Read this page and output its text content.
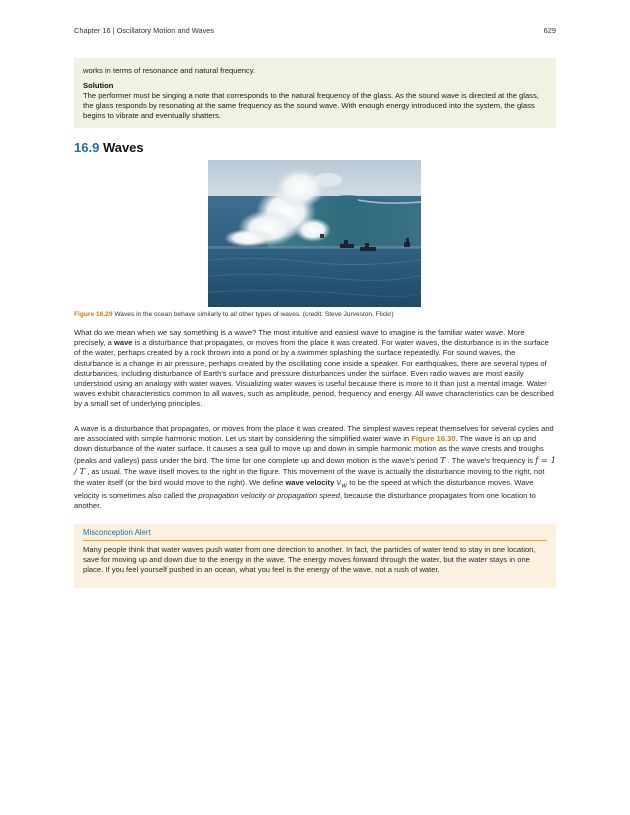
Chapter 16 | Oscillatory Motion and Waves	629

works in terms of resonance and natural frequency.

Solution

The performer must be singing a note that corresponds to the natural frequency of the glass. As the sound wave is directed at the glass, the glass responds by resonating at the same frequency as the sound wave. With enough energy introduced into the system, the glass begins to vibrate and eventually shatters.

16.9 Waves
Figure 16.29 Waves in the ocean behave similarly to all other types of waves. (credit: Steve Jurveston, Flickr)

What do we mean when we say something is a wave? The most intuitive and easiest wave to imagine is the familiar water wave. More precisely, a wave is a disturbance that propagates, or moves from the place it was created. For water waves, the disturbance is in the surface of the water, perhaps created by a rock thrown into a pond or by a swimmer splashing the surface repeatedly. For sound waves, the disturbance is a change in air pressure, perhaps created by the oscillating cone inside a speaker. For earthquakes, there are several types of disturbances, including disturbance of Earth's surface and pressure disturbances under the surface. Even radio waves are most easily understood using an analogy with water waves. Visualizing water waves is useful because there is more to it than just a mental image. Water waves exhibit characteristics common to all waves, such as amplitude, period, frequency and energy. All wave characteristics can be described by a small set of underlying principles.

A wave is a disturbance that propagates, or moves from the place it was created. The simplest waves repeat themselves for several cycles and are associated with simple harmonic motion. Let us start by considering the simplified water wave in Figure 16.30. The wave is an up and down disturbance of the water surface. It causes a sea gull to move up and down in simple harmonic motion as the wave crests and troughs (peaks and valleys) pass under the bird. The time for one complete up and down motion is the wave's period T . The wave's frequency is f = 1 / T , as usual. The wave itself moves to the right in the figure. This movement of the wave is actually the disturbance moving to the right, not the water itself (or the bird would move to the right). We define wave velocity $v_w$ to be the speed at which the disturbance moves. Wave velocity is sometimes also called the propagation velocity or propagation speed, because the disturbance propagates from one location to another.

Misconception Alert

Many people think that water waves push water from one direction to another. In fact, the particles of water tend to stay in one location, save for moving up and down due to the energy in the wave. The energy moves forward through the water, but the water stays in one place. If you feel yourself pushed in an ocean, what you feel is the energy of the wave, not a rush of water.
